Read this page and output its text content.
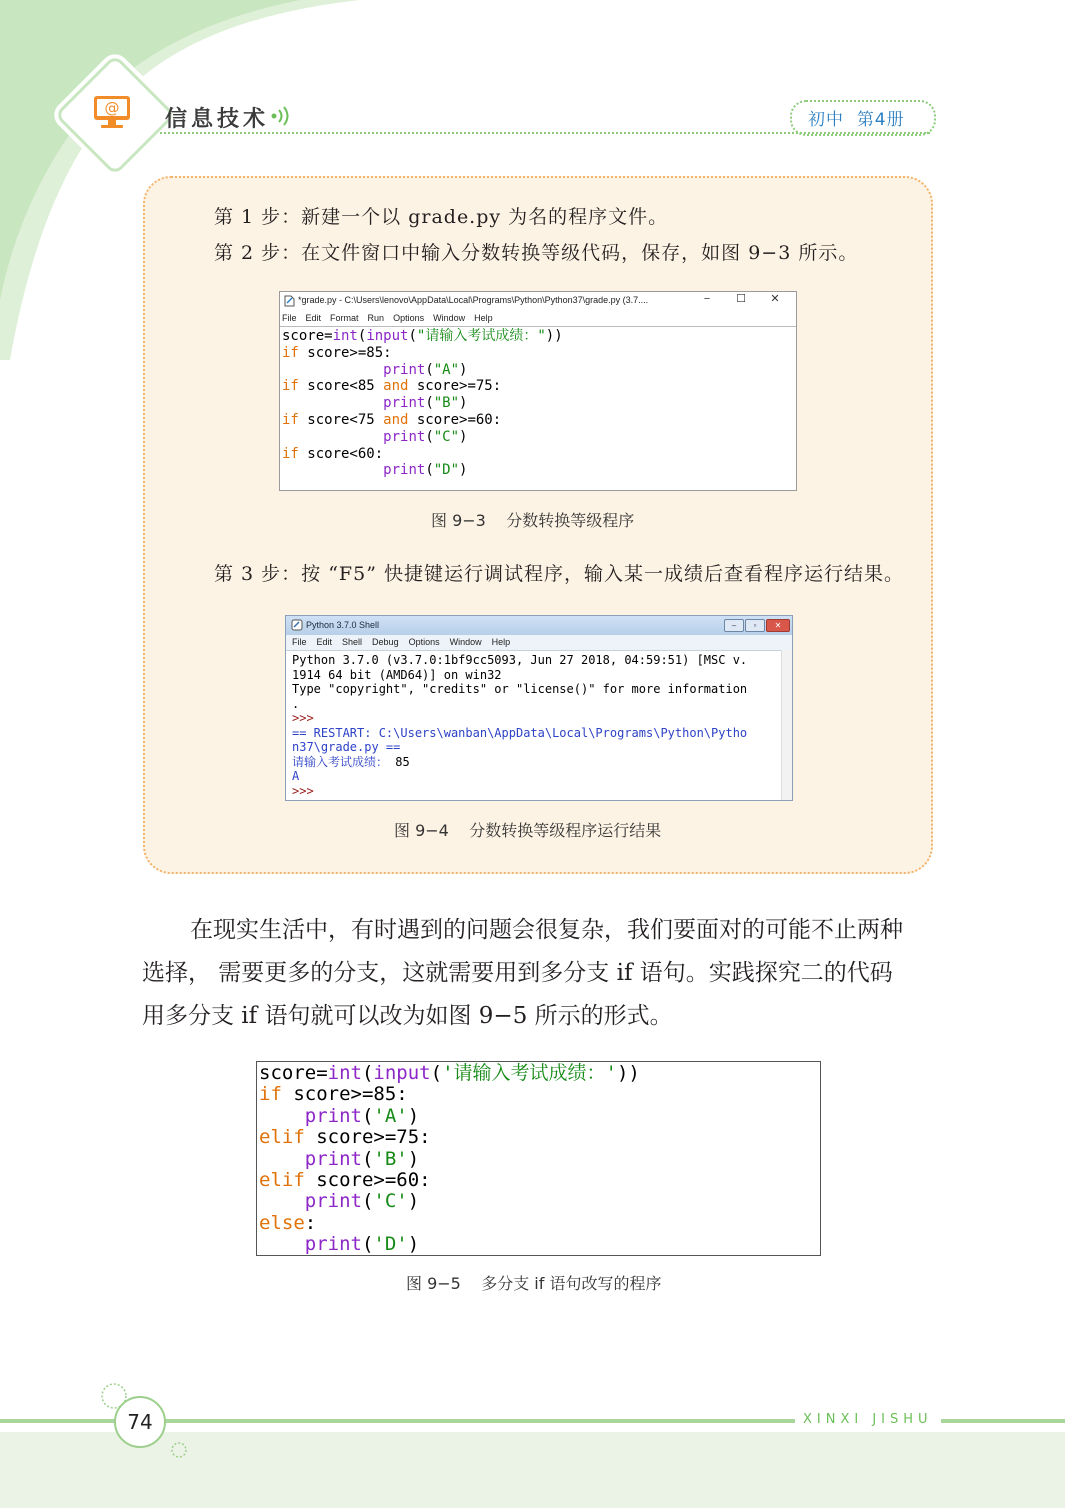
@ 信息技术	初中 第4册
第 1 步：新建一个以 grade.py 为名的程序文件。
第 2 步：在文件窗口中输入分数转换等级代码，保存，如图 9−3 所示。
*grade.py - C:\Users\lenovo\AppData\Local\Programs\Python\Python37\grade.py (3.7....	− ☐ ✕
File Edit Format Run Options Window Help
score=int(input("请输入考试成绩："))
if score>=85:
print("A")
if score<85 and score>=75:
print("B")
if score<75 and score>=60:
print("C")
if score<60:
print("D")
图 9−3    分数转换等级程序
第 3 步：按 “F5” 快捷键运行调试程序，输入某一成绩后查看程序运行结果。
Python 3.7.0 Shell	– ▫ ✕
File Edit Shell Debug Options Window Help
Python 3.7.0 (v3.7.0:1bf9cc5093, Jun 27 2018, 04:59:51) [MSC v.
1914 64 bit (AMD64)] on win32
Type "copyright", "credits" or "license()" for more information
.
>>>
== RESTART: C:\Users\wanban\AppData\Local\Programs\Python\Pytho
n37\grade.py ==
请输入考试成绩： 85
A
>>>
图 9−4    分数转换等级程序运行结果
在现实生活中，有时遇到的问题会很复杂，我们要面对的可能不止两种
选择， 需要更多的分支，这就需要用到多分支 if 语句。实践探究二的代码
用多分支 if 语句就可以改为如图 9−5 所示的形式。
score=int(input('请输入考试成绩：'))
if score>=85:
print('A')
elif score>=75:
print('B')
elif score>=60:
print('C')
else:
print('D')
图 9−5    多分支 if 语句改写的程序
74	XINXI JISHU
